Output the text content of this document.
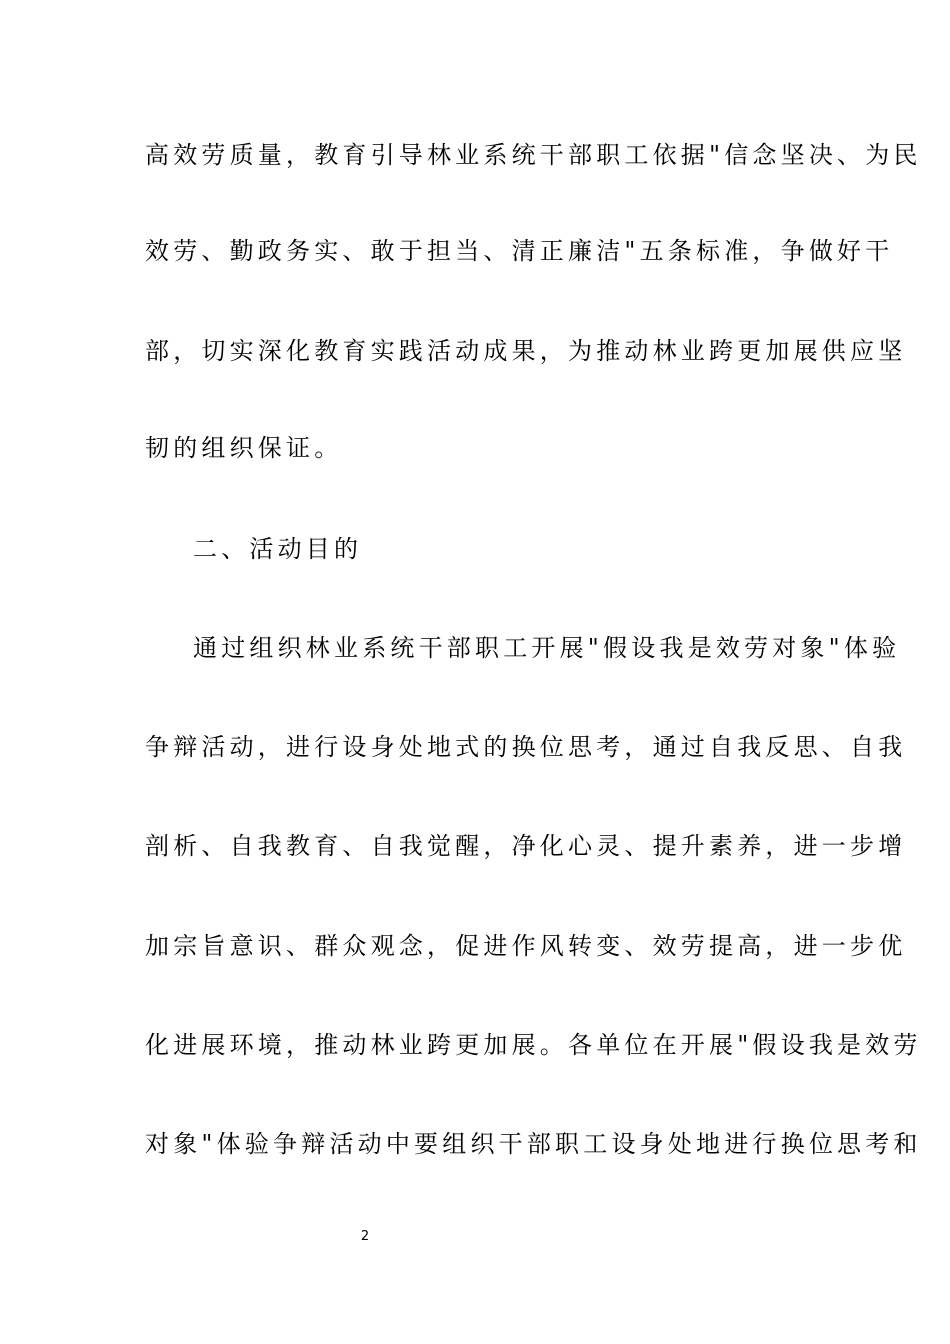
高效劳质量，教育引导林业系统干部职工依据"信念坚决、为民
效劳、勤政务实、敢于担当、清正廉洁"五条标准，争做好干
部，切实深化教育实践活动成果，为推动林业跨更加展供应坚
韧的组织保证。
二、活动目的
通过组织林业系统干部职工开展"假设我是效劳对象"体验
争辩活动，进行设身处地式的换位思考，通过自我反思、自我
剖析、自我教育、自我觉醒，净化心灵、提升素养，进一步增
加宗旨意识、群众观念，促进作风转变、效劳提高，进一步优
化进展环境，推动林业跨更加展。各单位在开展"假设我是效劳
对象"体验争辩活动中要组织干部职工设身处地进行换位思考和
2
